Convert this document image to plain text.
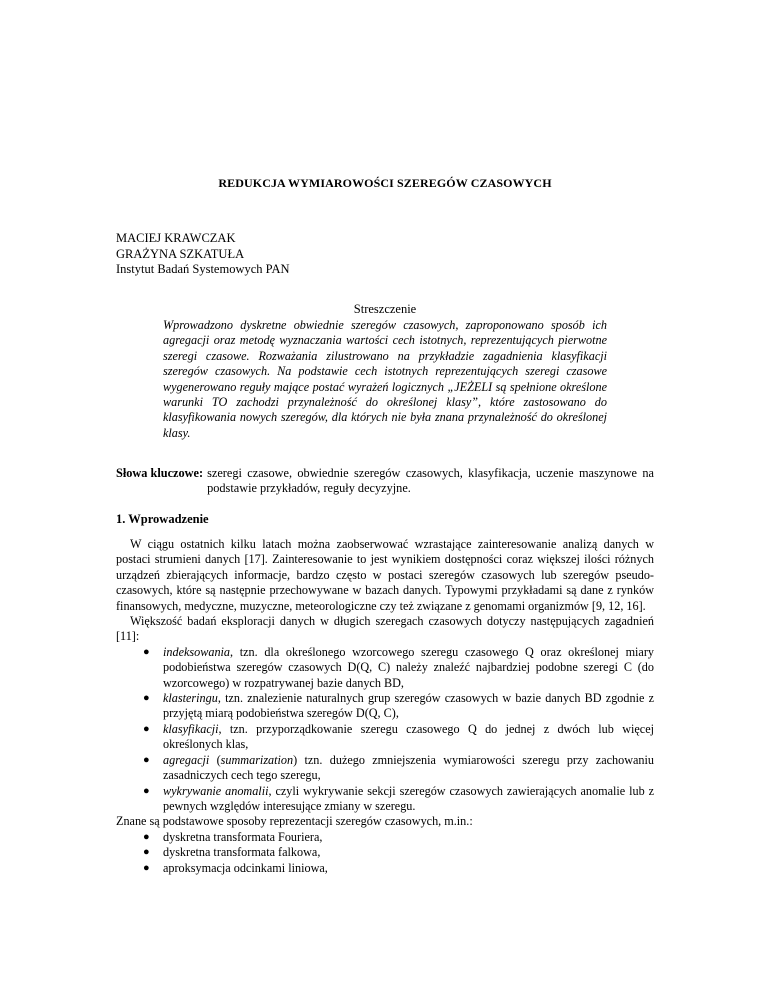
REDUKCJA WYMIAROWOŚCI SZEREGÓW CZASOWYCH
MACIEJ KRAWCZAK
GRAŻYNA SZKATUŁA
Instytut Badań Systemowych PAN
Streszczenie
Wprowadzono dyskretne obwiednie szeregów czasowych, zaproponowano sposób ich agregacji oraz metodę wyznaczania wartości cech istotnych, reprezentujących pierwotne szeregi czasowe. Rozważania zilustrowano na przykładzie zagadnienia klasyfikacji szeregów czasowych. Na podstawie cech istotnych reprezentujących szeregi czasowe wygenerowano reguły mające postać wyrażeń logicznych „JEŻELI są spełnione określone warunki TO zachodzi przynależność do określonej klasy”, które zastosowano do klasyfikowania nowych szeregów, dla których nie była znana przynależność do określonej klasy.
Słowa kluczowe: szeregi czasowe, obwiednie szeregów czasowych, klasyfikacja, uczenie maszynowe na podstawie przykładów, reguły decyzyjne.
1. Wprowadzenie

W ciągu ostatnich kilku latach można zaobserwować wzrastające zainteresowanie analizą danych w postaci strumieni danych [17]. Zainteresowanie to jest wynikiem dostępności coraz większej ilości różnych urządzeń zbierających informacje, bardzo często w postaci szeregów czasowych lub szeregów pseudo-czasowych, które są następnie przechowywane w bazach danych. Typowymi przykładami są dane z rynków finansowych, medyczne, muzyczne, meteorologiczne czy też związane z genomami organizmów [9, 12, 16].

Większość badań eksploracji danych w długich szeregach czasowych dotyczy następujących zagadnień [11]:

● indeksowania, tzn. dla określonego wzorcowego szeregu czasowego Q oraz określonej miary podobieństwa szeregów czasowych D(Q, C) należy znaleźć najbardziej podobne szeregi C (do wzorcowego) w rozpatrywanej bazie danych BD,
● klasteringu, tzn. znalezienie naturalnych grup szeregów czasowych w bazie danych BD zgodnie z przyjętą miarą podobieństwa szeregów D(Q, C),
● klasyfikacji, tzn. przyporządkowanie szeregu czasowego Q do jednej z dwóch lub więcej określonych klas,
● agregacji (summarization) tzn. dużego zmniejszenia wymiarowości szeregu przy zachowaniu zasadniczych cech tego szeregu,
● wykrywanie anomalii, czyli wykrywanie sekcji szeregów czasowych zawierających anomalie lub z pewnych względów interesujące zmiany w szeregu.

Znane są podstawowe sposoby reprezentacji szeregów czasowych, m.in.:

● dyskretna transformata Fouriera,
● dyskretna transformata falkowa,
● aproksymacja odcinkami liniowa,
